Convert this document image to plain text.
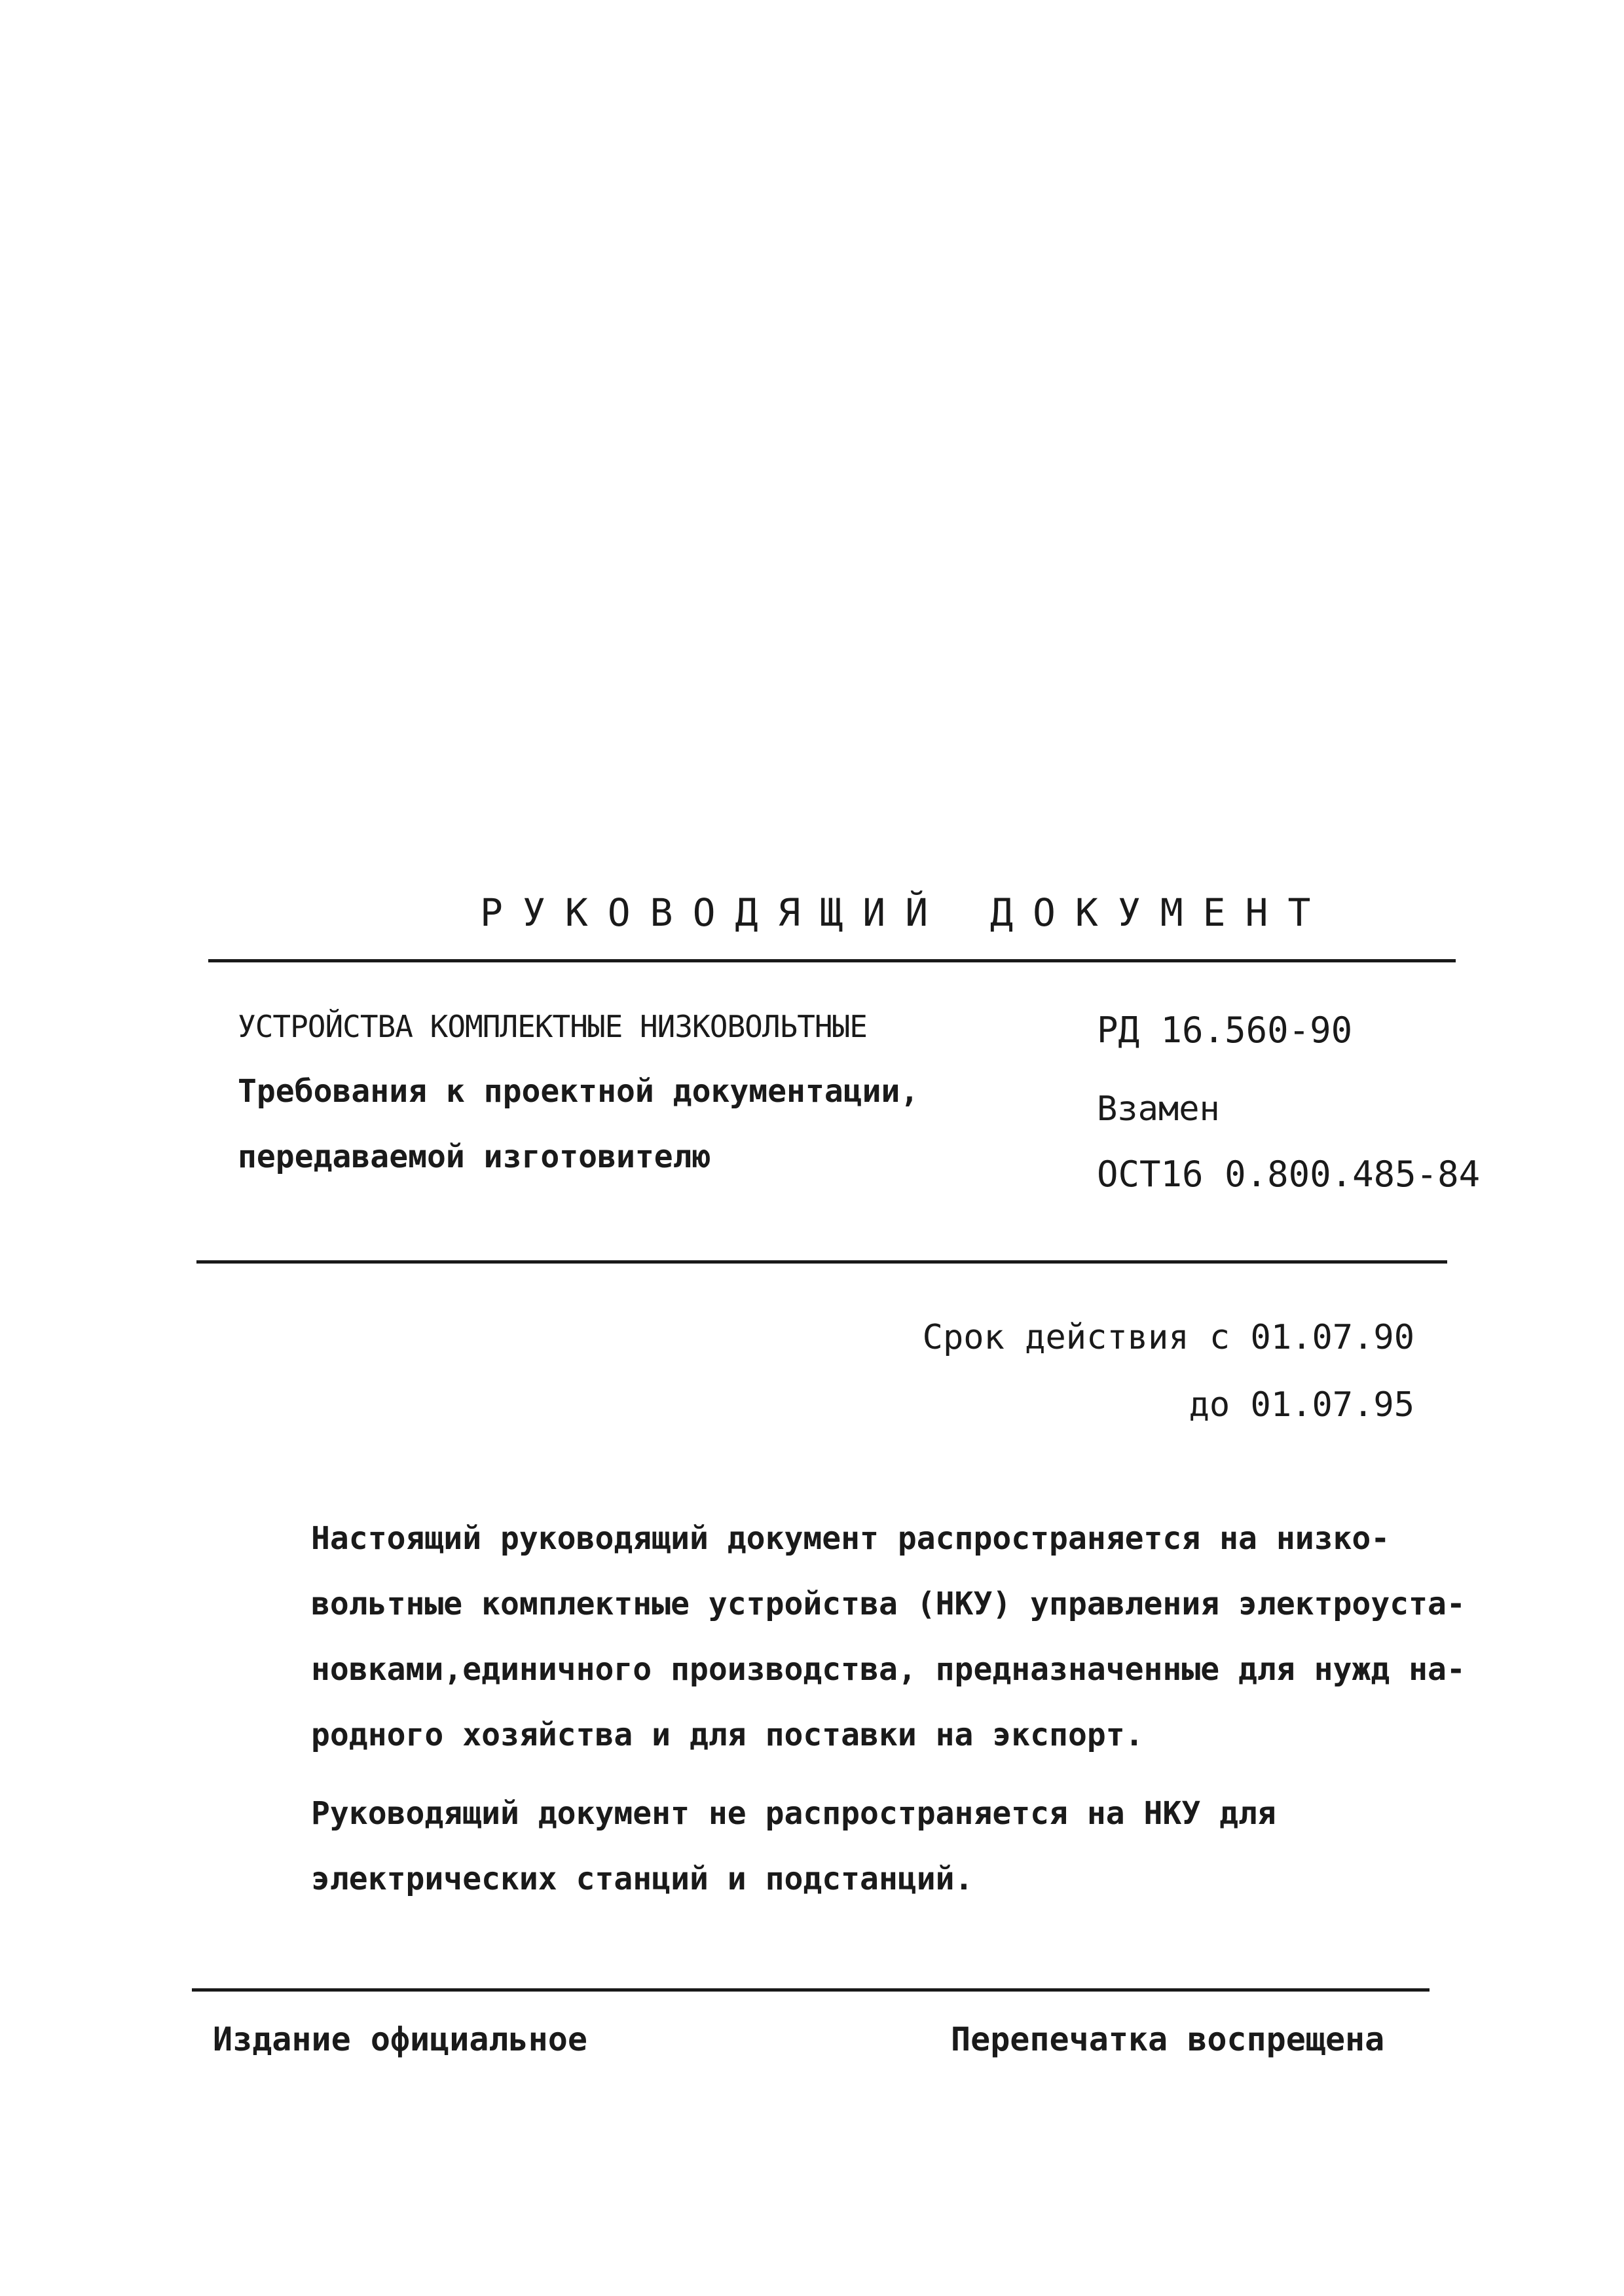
РУКОВОДЯЩИЙ ДОКУМЕНТ
УСТРОЙСТВА КОМПЛЕКТНЫЕ НИЗКОВОЛЬТНЫЕ
Требования к проектной документации,
передаваемой изготовителю
РД 16.560-90
Взамен
ОСТ16 0.800.485-84
Срок действия с 01.07.90
до 01.07.95
Настоящий руководящий документ распространяется на низко-
вольтные комплектные устройства (НКУ) управления электроуста-
новками,единичного производства, предназначенные для нужд на-
родного хозяйства и для поставки на экспорт.
Руководящий документ не распространяется на НКУ для
электрических станций и подстанций.
Издание официальное	Перепечатка воспрещена
